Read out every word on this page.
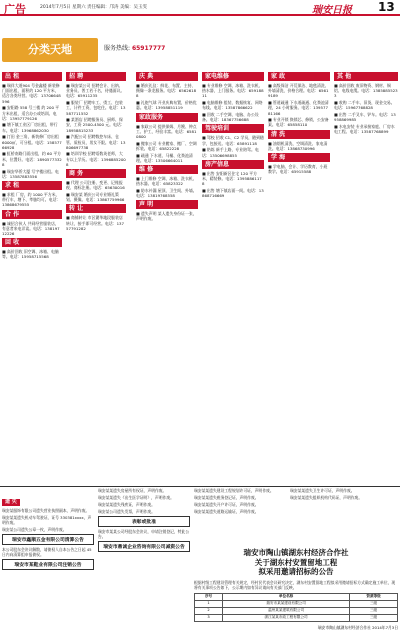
广告	2014年7月5日 星期六 责任编辑：邝涛 美编：吴玉雯	瑞安日报 13
分类天地	服务热线: 65917777
出 租
■ 瑞祥大道904 号金鑫楼 新装修门面出租，面积约 120 平方米，适合各类经营。电话：13706648596
■ 安阳路 558 号三楼 约 200 平方米出租，适合办公或培训。电话：13957779126
■ 塘下镇工业区厂房出租，带行车。电话：13968862030
■ 汀田 金三角，新装修厂房出租 6000㎡，可分租。电话：15857766928
■ 虹桥南路门面出租，约 60 平方米，位置好。电话：18905773328
■ 瑞安华侨大厦 写字楼出租。电话：13587883556
求 租
■ 求租 厂房，约 1000 平方米，带行车，塘下、莘塍均可。电话：13868679555
合 作
■ 诚招合伙人 共同经营服装店，有意者来电详谈。电话：13819712226
回 收
■ 高价回收 旧空调、冰箱、电脑等。电话：15958715568
招 聘
■ 瑞安某公司 招聘会计、出纳、业务员、普工若干名，待遇面议。电话：65911235
■ 服装厂 招聘车工、烫工、包装工，计件工资，包吃住。电话：13587711552
■ 某酒店 招聘服务员、厨师、保安，工资 2500-4500 元。电话：18958815233
■ 汽配公司 招聘数控车床、仓管、质检员，男女不限。电话：13806697738
■ 培训学校 招聘语数英老师，大专以上学历。电话：13968852008
商 务
■ 代理 公司注册、变更、记账报税、商标注册。电话：65630016
■ 瑞安某 婚庆公司专业婚礼策划、摄像。电话：13867759966
转 让
■ 商铺转让 市区繁华地段服装店转让，接手即可经营。电话：13757791282
庆 典
■ 婚庆礼仪：鲜花、布置、主持、摄像一条龙服务。电话：65626188
■ 礼炮气球 开业庆典布置，价格优惠。电话：13958851119
家政服务
■ 家政公司 提供保姆、月嫂、钟点工、护工，经验丰富。电话：65810800
■ 搬家公司 专业搬家、搬厂、空调拆装。电话：65822228
■ 疏通 下水道、马桶、化粪池清理。电话：13506664011
维 修
■ 上门维修 空调、冰箱、洗衣机、热水器。电话：65823322
■ 防水补漏 屋顶、卫生间、外墙。电话：13819768558
声 明
■ 遗失声明 某人遗失身份证一张，声明作废。
家电维修
■ 专业维修 空调、冰箱、洗衣机、热水器，上门服务。电话：65918811
■ 电脑维修 组装、数据恢复、网络布线。电话：13587866622
■ 回收 二手空调、电脑、办公设备。电话：18367756688
驾驶培训
■ 驾校 招收 C1、C2 学员，随到随学，包接送。电话：65891118
■ 陪练 新手上路，专业陪驾。电话：13506698855
房产信息
■ 出售 安阳新区住宅 120 平方米，精装修。电话：13958861178
■ 出售 塘下镇店面一间。电话：13868716669
家 政
■ 高级保洁 开荒保洁、地毯清洗、外墙清洗，价格合理。电话：65619189
■ 管道疏通 下水道疏通、化粪池清理，24 小时服务。电话：13957781166
■ 专业开锁 换锁芯、修锁，公安备案。电话：65858110
清 洗
■ 油烟机清洗、空调清洗、家电清洗。电话：13868730996
学 海
■ 学电脑、会计、学历教育，小班教学。电话：65915588
其 他
■ 高价回收 废旧物资、钢材、铜铝、电线电缆。电话：13858855233
■ 收购 二手车、旧货，现金交易。电话：15967768828
■ 出售 二手叉车、铲车。电话：13958869985
■ 水电安装 专业承接家庭、厂房水电工程。电话：13587768899
遗 失
瑞安某服饰有限公司遗失营业执照副本，声明作废。
瑞安某某遗失机动车驾驶证，证号 330381xxxx，声明作废。
瑞安某公司遗失公章一枚，声明作废。
瑞安市鑫顺五金有限公司清算公告
本公司股东会决议解散，请债权人自本公告之日起 45 日内向清算组申报债权。
瑞安市某鞋业有限公司注销公告
瑞安某某遗失房屋所有权证，声明作废。
瑞安某某遗失《出生医学证明》，声明作废。
瑞安某某遗失残疾证，声明作废。
瑞安某公司遗失发票，声明作废。
表彰或批准
瑞安市某某公司经股东会决议，申请注销登记，特此公告。
瑞安市鼎诚企业咨询有限公司减资公告
瑞安某某遗失建设工程规划许可证，声明作废。
瑞安某某遗失税务登记证，声明作废。
瑞安某某遗失开户许可证，声明作废。
瑞安某某遗失道路运输证，声明作废。
瑞安某某遗失卫生许可证，声明作废。
瑞安某某遗失组织机构代码证，声明作废。
瑞安市陶山镇湖东村经济合作社
关于湖东村安置留地工程
拟采用邀请招标的公告
根据村级工程建设管理有关规定，经村民代表会议研究决定，湖东村安置留地工程拟采用邀请招标方式确定施工单位，现将有关事项公告如下，公示期内如有异议请向有关部门反映。
序号	单位名称	资质等级
1	瑞安市某某建设有限公司	三级
2	温州某某建筑有限公司	三级
3	浙江某某市政工程有限公司	三级
瑞安市陶山镇湖东村经济合作社 2014年7月3日
